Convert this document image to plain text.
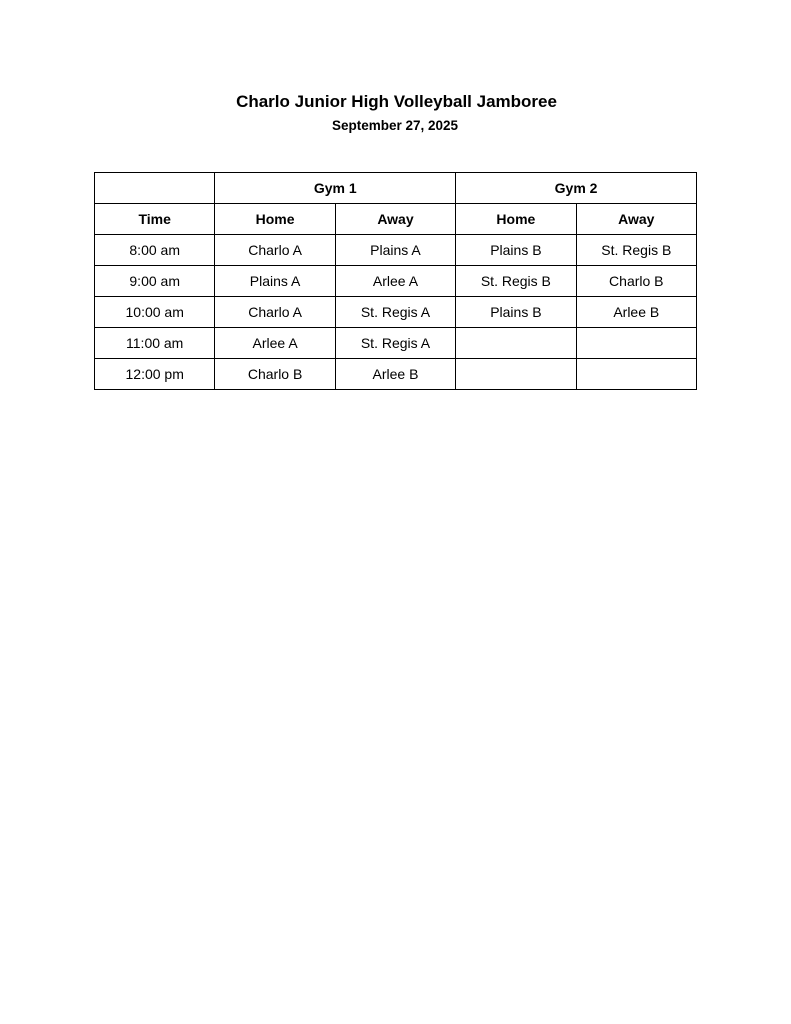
Charlo Junior High Volleyball Jamboree
September 27, 2025
	Gym 1		Gym 2	
Time	Home	Away	Home	Away
8:00 am	Charlo A	Plains A	Plains B	St. Regis B
9:00 am	Plains A	Arlee A	St. Regis B	Charlo B
10:00 am	Charlo A	St. Regis A	Plains B	Arlee B
11:00 am	Arlee A	St. Regis A		
12:00 pm	Charlo B	Arlee B		
